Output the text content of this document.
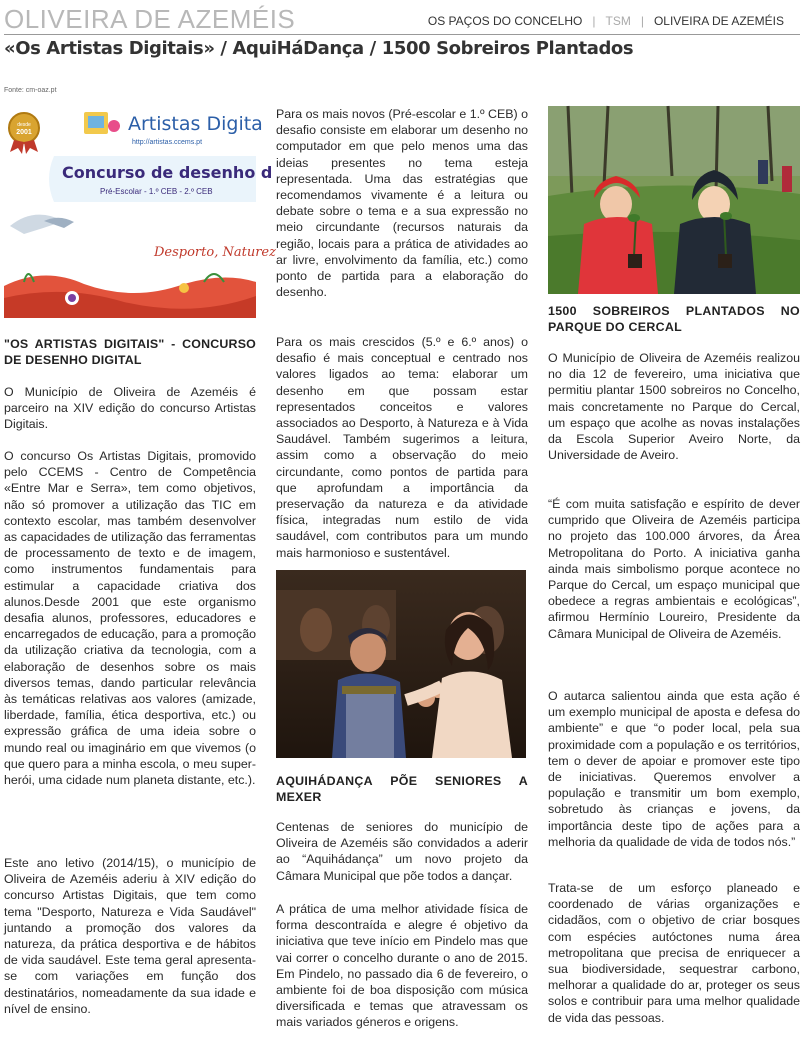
OLIVEIRA DE AZEMÉIS	OS PAÇOS DO CONCELHO | TSM | OLIVEIRA DE AZEMÉIS
«Os Artistas Digitais» / AquiHáDança / 1500 Sobreiros Plantados
Fonte: cm-oaz.pt
desde
2001	Artistas Digita
http://artistas.ccems.pt
Concurso de desenho d
Pré-Escolar - 1.º CEB - 2.º CEB
Desporto, Naturez
"OS ARTISTAS DIGITAIS" - CONCURSO DE DESENHO DIGITAL
O Município de Oliveira de Azeméis é parceiro na XIV edição do concurso Artistas Digitais.
O concurso Os Artistas Digitais, promovido pelo CCEMS - Centro de Competência «Entre Mar e Serra», tem como objetivos, não só promover a utilização das TIC em contexto escolar, mas também desenvolver as capacidades de utilização das ferramentas de processamento de texto e de imagem, como instrumentos fundamentais para estimular a capacidade criativa dos alunos.Desde 2001 que este organismo desafia alunos, professores, educadores e encarregados de educação, para a promoção da utilização criativa da tecnologia, com a elaboração de desenhos sobre os mais diversos temas, dando particular relevância às temáticas relativas aos valores (amizade, liberdade, família, ética desportiva, etc.) ou expressão gráfica de uma ideia sobre o mundo real ou imaginário em que vivemos (o que quero para a minha escola, o meu super-herói, uma cidade num planeta distante, etc.).
Este ano letivo (2014/15), o município de Oliveira de Azeméis aderiu à XIV edição do concurso Artistas Digitais, que tem como tema "Desporto, Natureza e Vida Saudável" juntando a promoção dos valores da natureza, da prática desportiva e de hábitos de vida saudável. Este tema geral apresenta-se com variações em função dos destinatários, nomeadamente da sua idade e nível de ensino.
Para os mais novos (Pré-escolar e 1.º CEB) o desafio consiste em elaborar um desenho no computador em que pelo menos uma das ideias presentes no tema esteja representada. Uma das estratégias que recomendamos vivamente é a leitura ou debate sobre o tema e a sua expressão no meio circundante (recursos naturais da região, locais para a prática de atividades ao ar livre, envolvimento da família, etc.) como ponto de partida para a elaboração do desenho.
Para os mais crescidos (5.º e 6.º anos) o desafio é mais conceptual e centrado nos valores ligados ao tema: elaborar um desenho em que possam estar representados conceitos e valores associados ao Desporto, à Natureza e à Vida Saudável. Também sugerimos a leitura, assim como a observação do meio circundante, como pontos de partida para que aprofundam a importância da preservação da natureza e da atividade física, integradas num estilo de vida saudável, com contributos para um mundo mais harmonioso e sustentável.
AQUIHÁDANÇA PÕE SENIORES A MEXER
Centenas de seniores do município de Oliveira de Azeméis são convidados a aderir ao “Aquihádança” um novo projeto da Câmara Municipal que põe todos a dançar.
A prática de uma melhor atividade física de forma descontraída e alegre é objetivo da iniciativa que teve início em Pindelo mas que vai correr o concelho durante o ano de 2015. Em Pindelo, no passado dia 6 de fevereiro, o ambiente foi de boa disposição com música diversificada e temas que atravessam os mais variados géneros e origens.
1500 SOBREIROS PLANTADOS NO PARQUE DO CERCAL
O Município de Oliveira de Azeméis realizou no dia 12 de fevereiro, uma iniciativa que permitiu plantar 1500 sobreiros no Concelho, mais concretamente no Parque do Cercal, um espaço que acolhe as novas instalações da Escola Superior Aveiro Norte, da Universidade de Aveiro.
“É com muita satisfação e espírito de dever cumprido que Oliveira de Azeméis participa no projeto das 100.000 árvores, da Área Metropolitana do Porto. A iniciativa ganha ainda mais simbolismo porque acontece no Parque do Cercal, um espaço municipal que obedece a regras ambientais e ecológicas”, afirmou Hermínio Loureiro, Presidente da Câmara Municipal de Oliveira de Azeméis.
O autarca salientou ainda que esta ação é um exemplo municipal de aposta e defesa do ambiente” e que “o poder local, pela sua proximidade com a população e os territórios, tem o dever de apoiar e promover este tipo de iniciativas. Queremos envolver a população e transmitir um bom exemplo, sobretudo às crianças e jovens, da importância deste tipo de ações para a melhoria da qualidade de vida de todos nós.”
Trata-se de um esforço planeado e coordenado de várias organizações e cidadãos, com o objetivo de criar bosques com espécies autóctones numa área metropolitana que precisa de enriquecer a sua biodiversidade, sequestrar carbono, melhorar a qualidade do ar, proteger os seus solos e contribuir para uma melhor qualidade de vida das pessoas.
